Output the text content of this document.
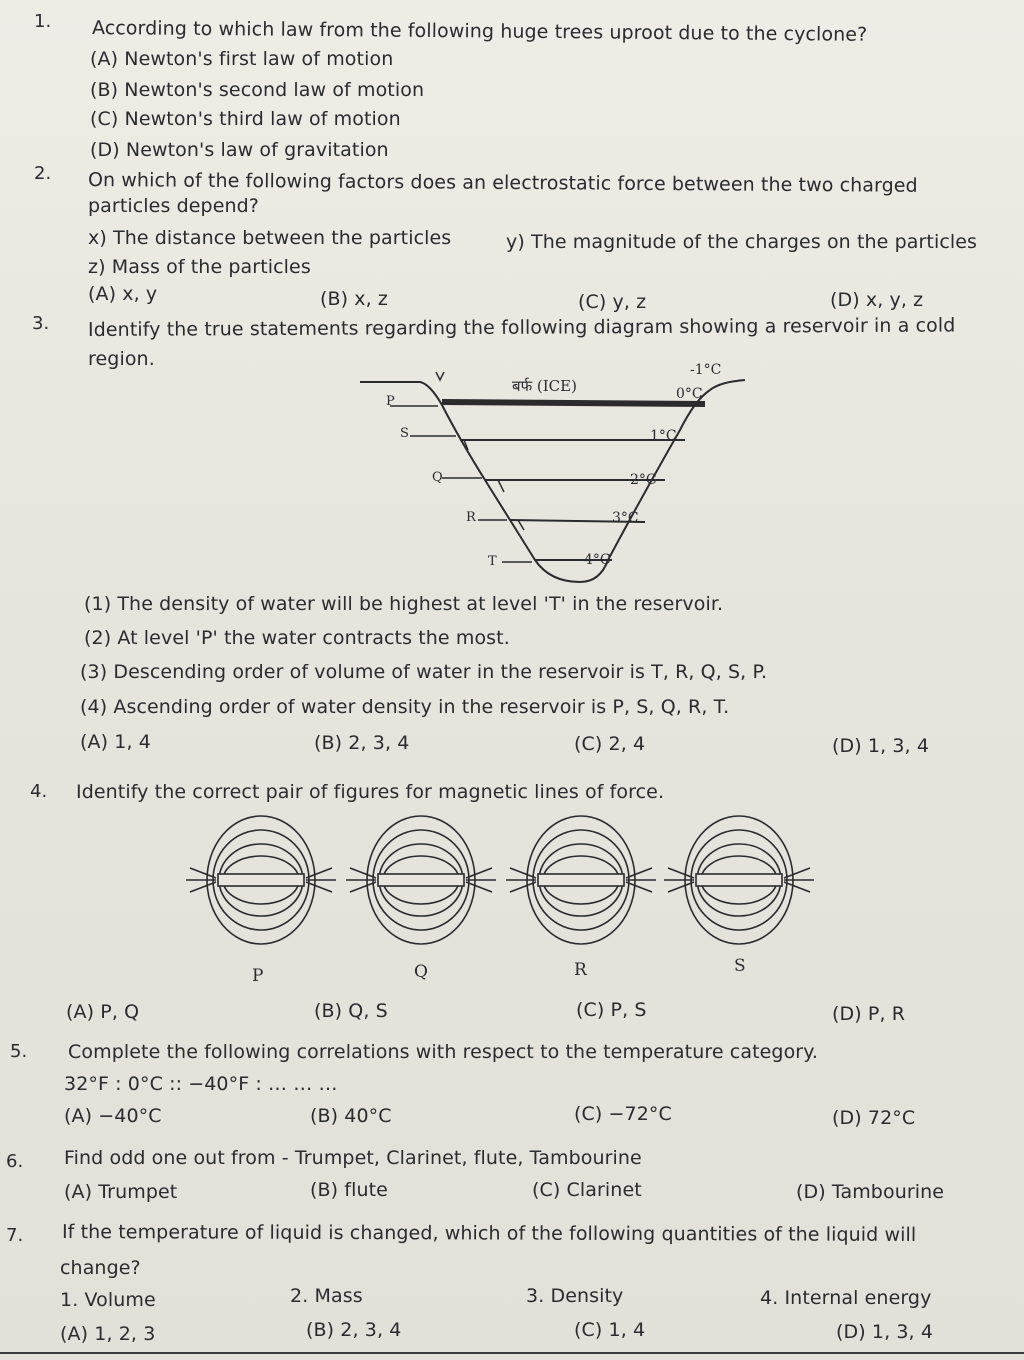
1. According to which law from the following huge trees uproot due to the cyclone?
(A) Newton's first law of motion
(B) Newton's second law of motion
(C) Newton's third law of motion
(D) Newton's law of gravitation
2. On which of the following factors does an electrostatic force between the two charged
particles depend?
x) The distance between the particles	y) The magnitude of the charges on the particles
z) Mass of the particles
(A) x, y	(B) x, z	(C) y, z	(D) x, y, z
3. Identify the true statements regarding the following diagram showing a reservoir in a cold
region.
बर्फ (ICE)
P
S
Q
R
T
-1°C
0°C
1°C
2°C
3°C
4°C
(1) The density of water will be highest at level 'T' in the reservoir.
(2) At level 'P' the water contracts the most.
(3) Descending order of volume of water in the reservoir is T, R, Q, S, P.
(4) Ascending order of water density in the reservoir is P, S, Q, R, T.
(A) 1, 4	(B) 2, 3, 4	(C) 2, 4	(D) 1, 3, 4
4. Identify the correct pair of figures for magnetic lines of force.
P	Q	R	S
(A) P, Q	(B) Q, S	(C) P, S	(D) P, R
5. Complete the following correlations with respect to the temperature category.
32°F : 0°C :: −40°F : … … …
(A) −40°C	(B) 40°C	(C) −72°C	(D) 72°C
6. Find odd one out from - Trumpet, Clarinet, flute, Tambourine
(A) Trumpet	(B) flute	(C) Clarinet	(D) Tambourine
7. If the temperature of liquid is changed, which of the following quantities of the liquid will
change?
1. Volume	2. Mass	3. Density	4. Internal energy
(A) 1, 2, 3	(B) 2, 3, 4	(C) 1, 4	(D) 1, 3, 4
